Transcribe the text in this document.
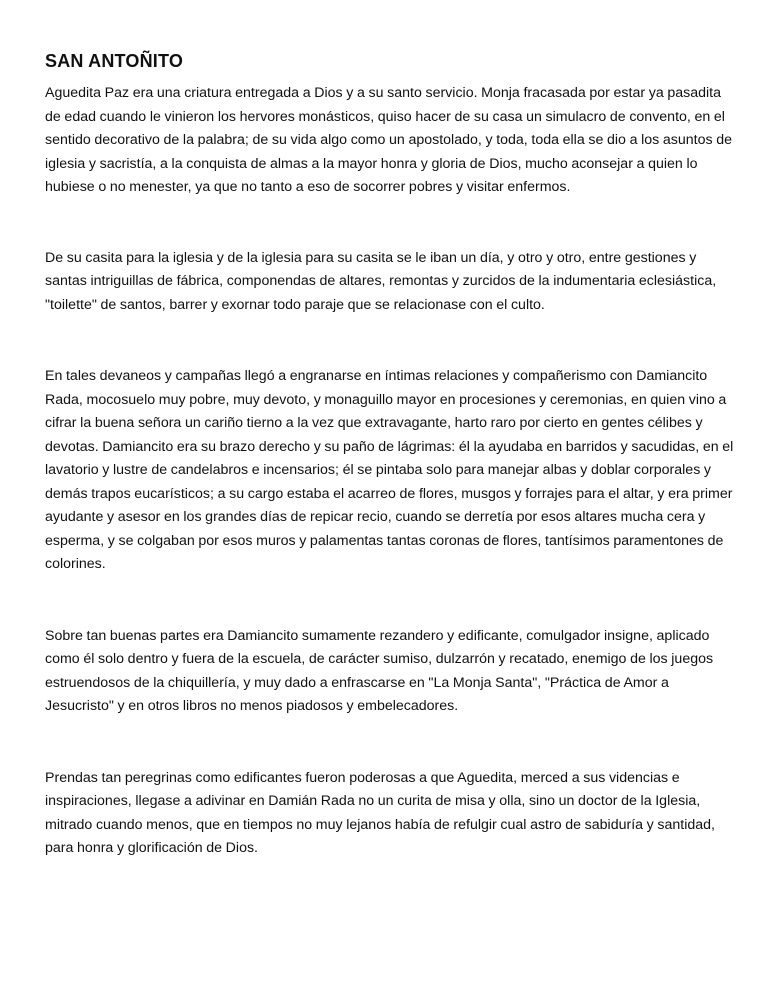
SAN ANTOÑITO

Aguedita Paz era una criatura entregada a Dios y a su santo servicio. Monja fracasada por estar ya pasadita de edad cuando le vinieron los hervores monásticos, quiso hacer de su casa un simulacro de convento, en el sentido decorativo de la palabra; de su vida algo como un apostolado, y toda, toda ella se dio a los asuntos de iglesia y sacristía, a la conquista de almas a la mayor honra y gloria de Dios, mucho aconsejar a quien lo hubiese o no menester, ya que no tanto a eso de socorrer pobres y visitar enfermos.

De su casita para la iglesia y de la iglesia para su casita se le iban un día, y otro y otro, entre gestiones y santas intriguillas de fábrica, componendas de altares, remontas y zurcidos de la indumentaria eclesiástica, "toilette" de santos, barrer y exornar todo paraje que se relacionase con el culto.

En tales devaneos y campañas llegó a engranarse en íntimas relaciones y compañerismo con Damiancito Rada, mocosuelo muy pobre, muy devoto, y monaguillo mayor en procesiones y ceremonias, en quien vino a cifrar la buena señora un cariño tierno a la vez que extravagante, harto raro por cierto en gentes célibes y devotas. Damiancito era su brazo derecho y su paño de lágrimas: él la ayudaba en barridos y sacudidas, en el lavatorio y lustre de candelabros e incensarios; él se pintaba solo para manejar albas y doblar corporales y demás trapos eucarísticos; a su cargo estaba el acarreo de flores, musgos y forrajes para el altar, y era primer ayudante y asesor en los grandes días de repicar recio, cuando se derretía por esos altares mucha cera y esperma, y se colgaban por esos muros y palamentas tantas coronas de flores, tantísimos paramentones de colorines.

Sobre tan buenas partes era Damiancito sumamente rezandero y edificante, comulgador insigne, aplicado como él solo dentro y fuera de la escuela, de carácter sumiso, dulzarrón y recatado, enemigo de los juegos estruendosos de la chiquillería, y muy dado a enfrascarse en "La Monja Santa", "Práctica de Amor a Jesucristo" y en otros libros no menos piadosos y embelecadores.

Prendas tan peregrinas como edificantes fueron poderosas a que Aguedita, merced a sus videncias e inspiraciones, llegase a adivinar en Damián Rada no un curita de misa y olla, sino un doctor de la Iglesia, mitrado cuando menos, que en tiempos no muy lejanos había de refulgir cual astro de sabiduría y santidad, para honra y glorificación de Dios.
